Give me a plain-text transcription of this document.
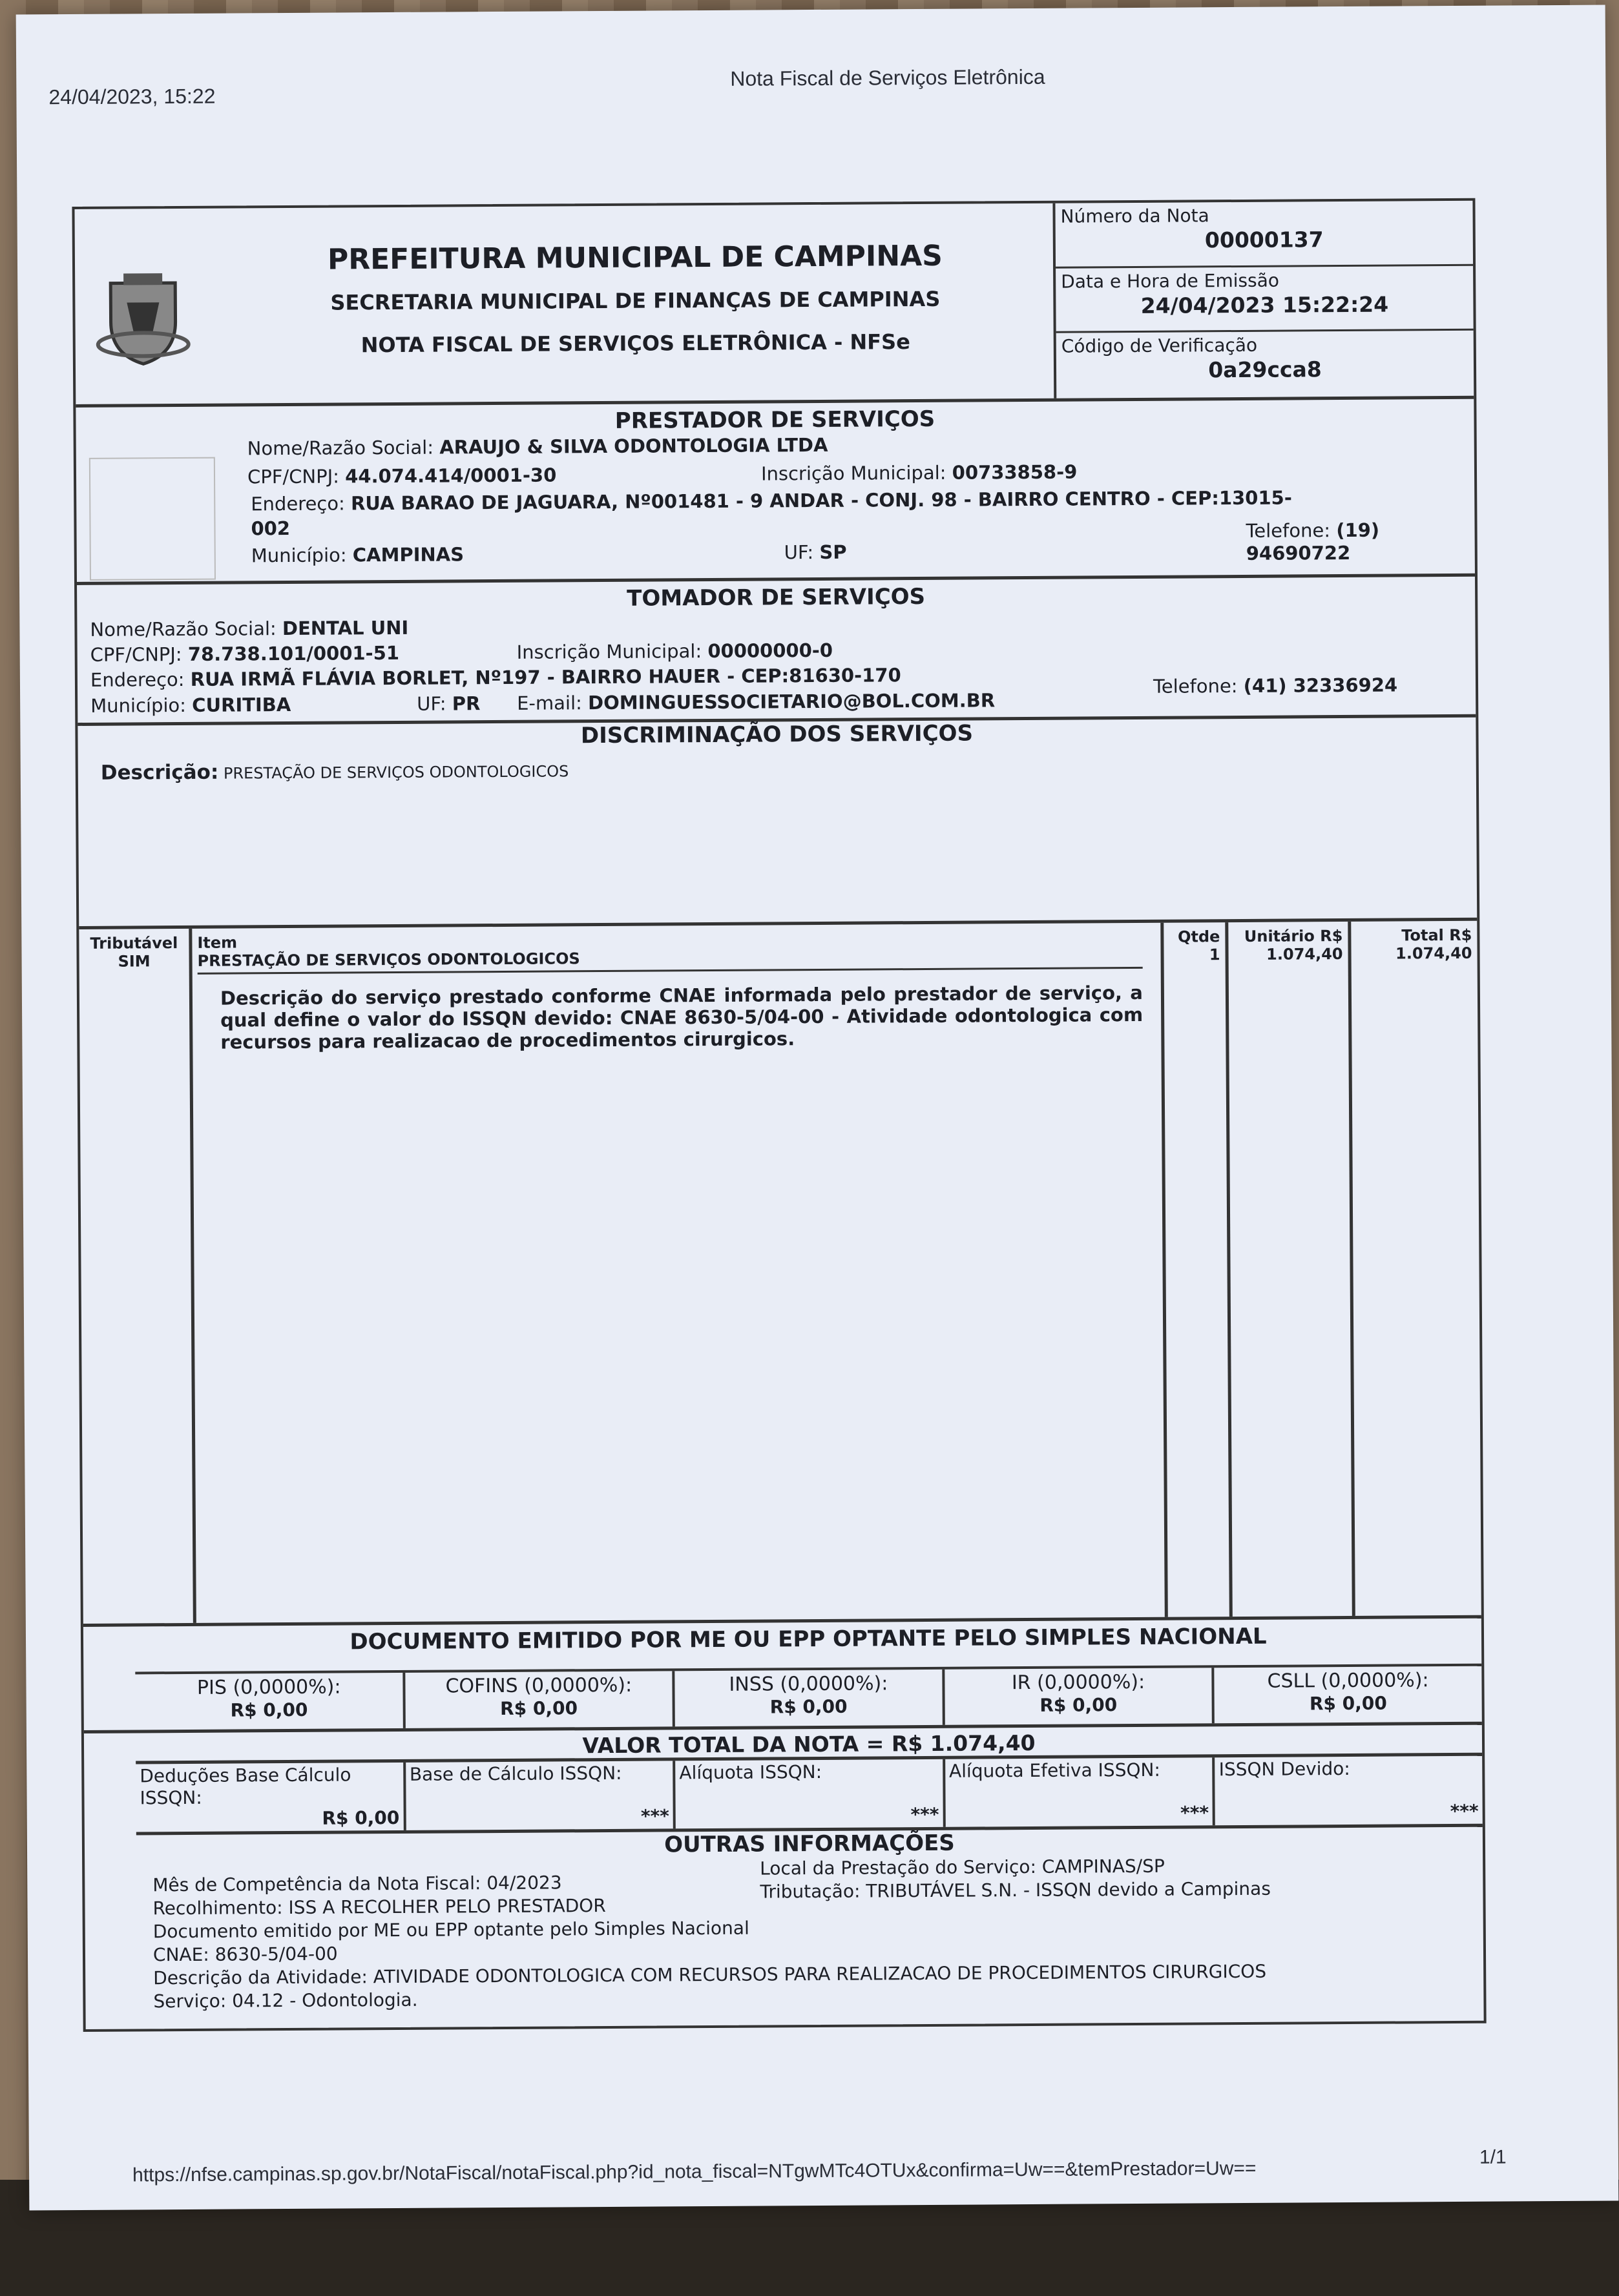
24/04/2023, 15:22
Nota Fiscal de Serviços Eletrônica
PREFEITURA MUNICIPAL DE CAMPINAS
SECRETARIA MUNICIPAL DE FINANÇAS DE CAMPINAS
NOTA FISCAL DE SERVIÇOS ELETRÔNICA - NFSe
Número da Nota
00000137
Data e Hora de Emissão
24/04/2023 15:22:24
Código de Verificação
0a29cca8
PRESTADOR DE SERVIÇOS
Nome/Razão Social: ARAUJO & SILVA ODONTOLOGIA LTDA
CPF/CNPJ: 44.074.414/0001-30	Inscrição Municipal: 00733858-9
Endereço: RUA BARAO DE JAGUARA, Nº001481 - 9 ANDAR - CONJ. 98 - BAIRRO CENTRO - CEP:13015-
002
Município: CAMPINAS	UF: SP
Telefone: (19)
94690722
TOMADOR DE SERVIÇOS
Nome/Razão Social: DENTAL UNI
CPF/CNPJ: 78.738.101/0001-51	Inscrição Municipal: 00000000-0
Endereço: RUA IRMÃ FLÁVIA BORLET, Nº197 - BAIRRO HAUER - CEP:81630-170
Município: CURITIBA	UF: PR E-mail: DOMINGUESSOCIETARIO@BOL.COM.BR
Telefone: (41) 32336924
DISCRIMINAÇÃO DOS SERVIÇOS
Descrição: PRESTAÇÃO DE SERVIÇOS ODONTOLOGICOS
Tributável
SIM
Item
PRESTAÇÃO DE SERVIÇOS ODONTOLOGICOS
Descrição do serviço prestado conforme CNAE informada pelo prestador de serviço, a qual define o valor do ISSQN devido: CNAE 8630-5/04-00 - Atividade odontologica com recursos para realizacao de procedimentos cirurgicos.
Qtde
1
Unitário R$
1.074,40
Total R$
1.074,40
DOCUMENTO EMITIDO POR ME OU EPP OPTANTE PELO SIMPLES NACIONAL
PIS (0,0000%):
R$ 0,00
COFINS (0,0000%):
R$ 0,00
INSS (0,0000%):
R$ 0,00
IR (0,0000%):
R$ 0,00
CSLL (0,0000%):
R$ 0,00
VALOR TOTAL DA NOTA = R$ 1.074,40
Deduções Base Cálculo ISSQN:
R$ 0,00
Base de Cálculo ISSQN:
***
Alíquota ISSQN:
***
Alíquota Efetiva ISSQN:
***
ISSQN Devido:
***
OUTRAS INFORMAÇÕES
Mês de Competência da Nota Fiscal: 04/2023
Recolhimento: ISS A RECOLHER PELO PRESTADOR
Documento emitido por ME ou EPP optante pelo Simples Nacional
CNAE: 8630-5/04-00
Descrição da Atividade: ATIVIDADE ODONTOLOGICA COM RECURSOS PARA REALIZACAO DE PROCEDIMENTOS CIRURGICOS
Serviço: 04.12 - Odontologia.
Local da Prestação do Serviço: CAMPINAS/SP
Tributação: TRIBUTÁVEL S.N. - ISSQN devido a Campinas
https://nfse.campinas.sp.gov.br/NotaFiscal/notaFiscal.php?id_nota_fiscal=NTgwMTc4OTUx&confirma=Uw==&temPrestador=Uw==
1/1
